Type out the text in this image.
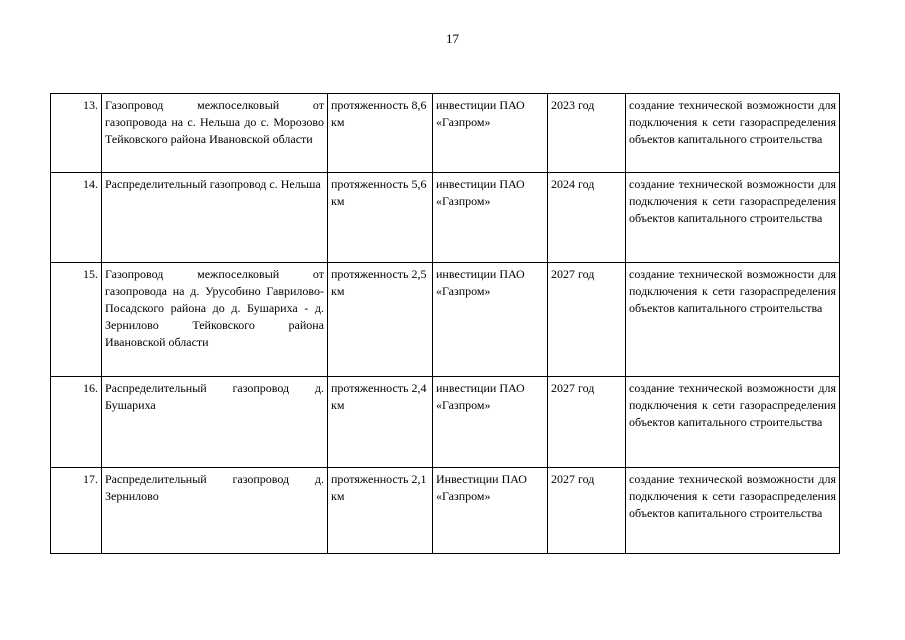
17
13.	Газопровод межпоселковый от газопровода на с. Нельша до с. Морозово Тейковского района Ивановской области	протяженность 8,6 км	инвестиции ПАО «Газпром»	2023 год	создание технической возможности для подключения к сети газораспределения объектов капитального строительства
14.	Распределительный газопровод с. Нельша	протяженность 5,6 км	инвестиции ПАО «Газпром»	2024 год	создание технической возможности для подключения к сети газораспределения объектов капитального строительства
15.	Газопровод межпоселковый от газопровода на д. Урусобино Гаврилово-Посадского района до д. Бушариха - д. Зернилово Тейковского района Ивановской области	протяженность 2,5 км	инвестиции ПАО «Газпром»	2027 год	создание технической возможности для подключения к сети газораспределения объектов капитального строительства
16.	Распределительный газопровод д. Бушариха	протяженность 2,4 км	инвестиции ПАО «Газпром»	2027 год	создание технической возможности для подключения к сети газораспределения объектов капитального строительства
17.	Распределительный газопровод д. Зернилово	протяженность 2,1 км	Инвестиции ПАО «Газпром»	2027 год	создание технической возможности для подключения к сети газораспределения объектов капитального строительства
